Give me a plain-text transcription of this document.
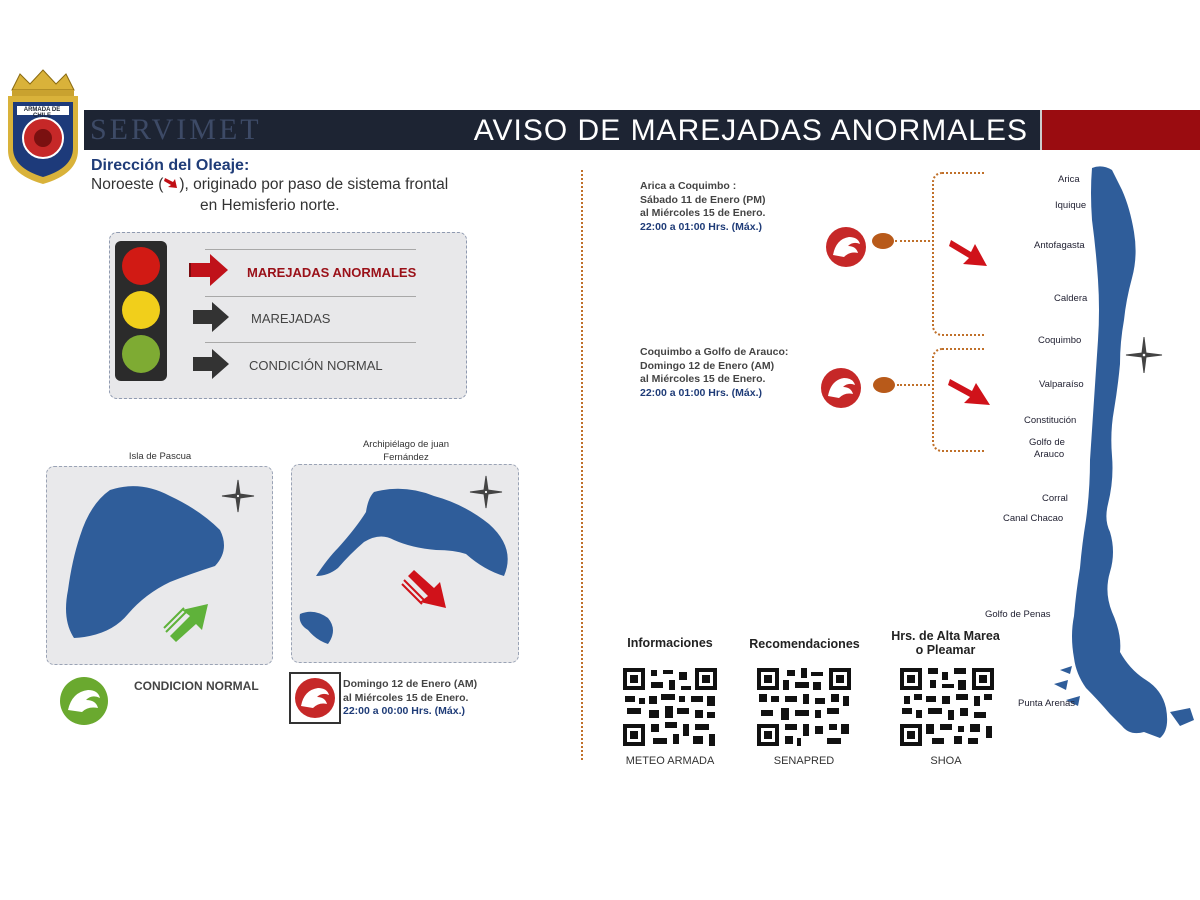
SERVIMET	AVISO DE MAREJADAS ANORMALES
ARMADA DE CHILE
Dirección del Oleaje:
Noroeste ( ), originado por paso de sistema frontal
en Hemisferio norte.
MAREJADAS ANORMALES
MAREJADAS
CONDICIÓN NORMAL
Isla de Pascua
Archipiélago de juan
Fernández
CONDICION NORMAL	Domingo 12 de Enero (AM)
al Miércoles 15 de Enero.
22:00 a 00:00 Hrs. (Máx.)
Arica a Coquimbo :
Sábado 11 de Enero (PM)
al Miércoles 15 de Enero.
22:00 a 01:00 Hrs. (Máx.)
Coquimbo a Golfo de Arauco:
Domingo 12 de Enero (AM)
al Miércoles 15 de Enero.
22:00 a 01:00 Hrs. (Máx.)
Arica
Iquique
Antofagasta
Caldera
Coquimbo
Valparaíso
Constitución
Golfo de
Arauco
Corral
Canal Chacao
Golfo de Penas
Punta Arenas
Informaciones	Recomendaciones
Hrs. de Alta Marea
o Pleamar
METEO ARMADA	SENAPRED	SHOA
